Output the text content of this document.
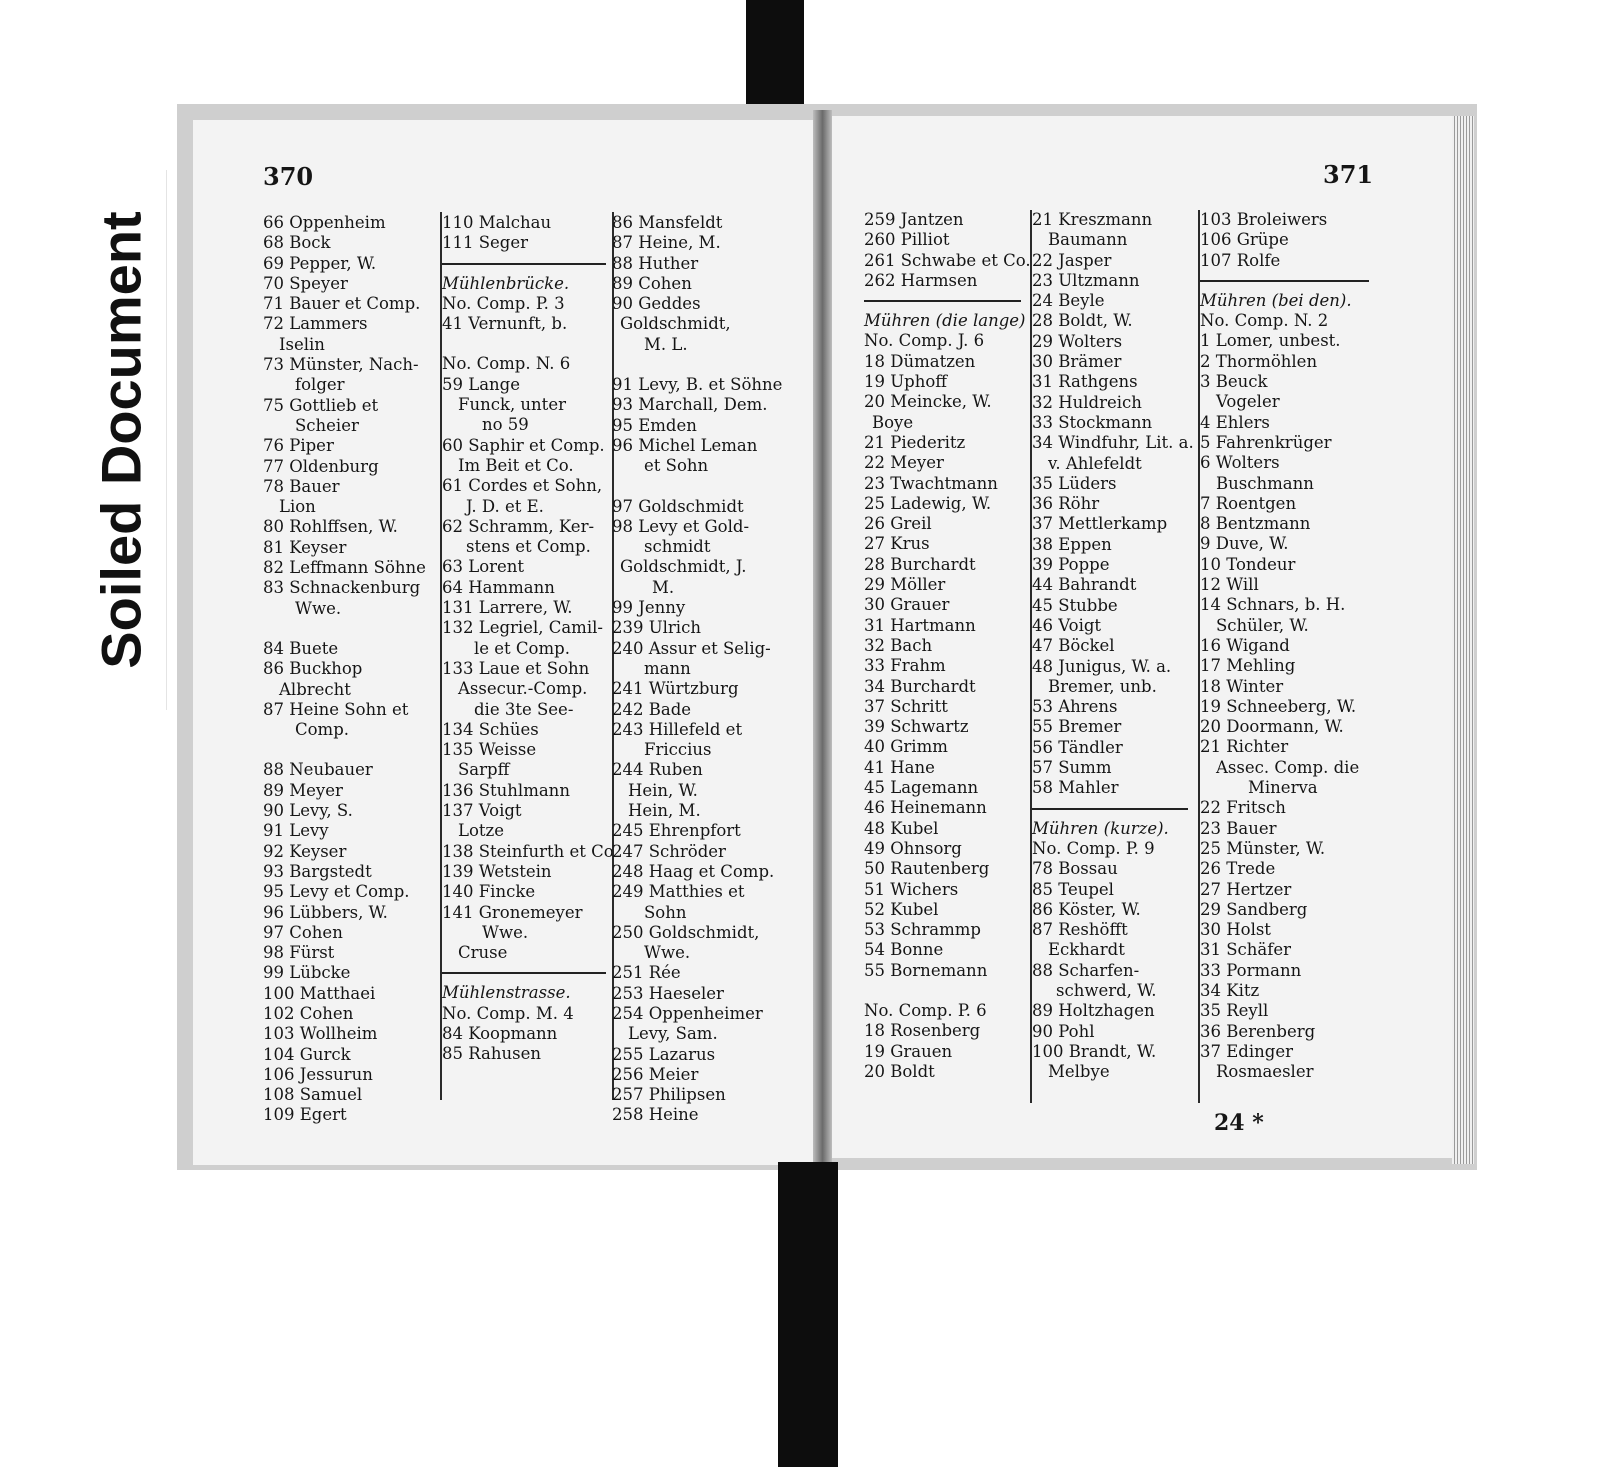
Soiled Document
370	371
66 Oppenheim
68 Bock
69 Pepper, W.
70 Speyer
71 Bauer et Comp.
72 Lammers
Iselin
73 Münster, Nach-
folger
75 Gottlieb et
Scheier
76 Piper
77 Oldenburg
78 Bauer
Lion
80 Rohlffsen, W.
81 Keyser
82 Leffmann Söhne
83 Schnackenburg
Wwe.
84 Buete
86 Buckhop
Albrecht
87 Heine Sohn et
Comp.
88 Neubauer
89 Meyer
90 Levy, S.
91 Levy
92 Keyser
93 Bargstedt
95 Levy et Comp.
96 Lübbers, W.
97 Cohen
98 Fürst
99 Lübcke
100 Matthaei
102 Cohen
103 Wollheim
104 Gurck
106 Jessurun
108 Samuel
109 Egert
110 Malchau
111 Seger
Mühlenbrücke.
No. Comp. P. 3
41 Vernunft, b.
No. Comp. N. 6
59 Lange
Funck, unter
no 59
60 Saphir et Comp.
Im Beit et Co.
61 Cordes et Sohn,
J. D. et E.
62 Schramm, Ker-
stens et Comp.
63 Lorent
64 Hammann
131 Larrere, W.
132 Legriel, Camil-
le et Comp.
133 Laue et Sohn
Assecur.-Comp.
die 3te See-
134 Schües
135 Weisse
Sarpff
136 Stuhlmann
137 Voigt
Lotze
138 Steinfurth et Co
139 Wetstein
140 Fincke
141 Gronemeyer
Wwe.
Cruse
Mühlenstrasse.
No. Comp. M. 4
84 Koopmann
85 Rahusen
86 Mansfeldt
87 Heine, M.
88 Huther
89 Cohen
90 Geddes
Goldschmidt,
M. L.
91 Levy, B. et Söhne
93 Marchall, Dem.
95 Emden
96 Michel Leman
et Sohn
97 Goldschmidt
98 Levy et Gold-
schmidt
Goldschmidt, J.
M.
99 Jenny
239 Ulrich
240 Assur et Selig-
mann
241 Würtzburg
242 Bade
243 Hillefeld et
Friccius
244 Ruben
Hein, W.
Hein, M.
245 Ehrenpfort
247 Schröder
248 Haag et Comp.
249 Matthies et
Sohn
250 Goldschmidt,
Wwe.
251 Rée
253 Haeseler
254 Oppenheimer
Levy, Sam.
255 Lazarus
256 Meier
257 Philipsen
258 Heine
259 Jantzen
260 Pilliot
261 Schwabe et Co.
262 Harmsen
Mühren (die lange)
No. Comp. J. 6
18 Dümatzen
19 Uphoff
20 Meincke, W.
Boye
21 Piederitz
22 Meyer
23 Twachtmann
25 Ladewig, W.
26 Greil
27 Krus
28 Burchardt
29 Möller
30 Grauer
31 Hartmann
32 Bach
33 Frahm
34 Burchardt
37 Schritt
39 Schwartz
40 Grimm
41 Hane
45 Lagemann
46 Heinemann
48 Kubel
49 Ohnsorg
50 Rautenberg
51 Wichers
52 Kubel
53 Schrammp
54 Bonne
55 Bornemann
No. Comp. P. 6
18 Rosenberg
19 Grauen
20 Boldt
21 Kreszmann
Baumann
22 Jasper
23 Ultzmann
24 Beyle
28 Boldt, W.
29 Wolters
30 Brämer
31 Rathgens
32 Huldreich
33 Stockmann
34 Windfuhr, Lit. a.
v. Ahlefeldt
35 Lüders
36 Röhr
37 Mettlerkamp
38 Eppen
39 Poppe
44 Bahrandt
45 Stubbe
46 Voigt
47 Böckel
48 Junigus, W. a.
Bremer, unb.
53 Ahrens
55 Bremer
56 Tändler
57 Summ
58 Mahler
Mühren (kurze).
No. Comp. P. 9
78 Bossau
85 Teupel
86 Köster, W.
87 Reshöfft
Eckhardt
88 Scharfen-
schwerd, W.
89 Holtzhagen
90 Pohl
100 Brandt, W.
Melbye
103 Broleiwers
106 Grüpe
107 Rolfe
Mühren (bei den).
No. Comp. N. 2
1 Lomer, unbest.
2 Thormöhlen
3 Beuck
Vogeler
4 Ehlers
5 Fahrenkrüger
6 Wolters
Buschmann
7 Roentgen
8 Bentzmann
9 Duve, W.
10 Tondeur
12 Will
14 Schnars, b. H.
Schüler, W.
16 Wigand
17 Mehling
18 Winter
19 Schneeberg, W.
20 Doormann, W.
21 Richter
Assec. Comp. die
Minerva
22 Fritsch
23 Bauer
25 Münster, W.
26 Trede
27 Hertzer
29 Sandberg
30 Holst
31 Schäfer
33 Pormann
34 Kitz
35 Reyll
36 Berenberg
37 Edinger
Rosmaesler
24 *
